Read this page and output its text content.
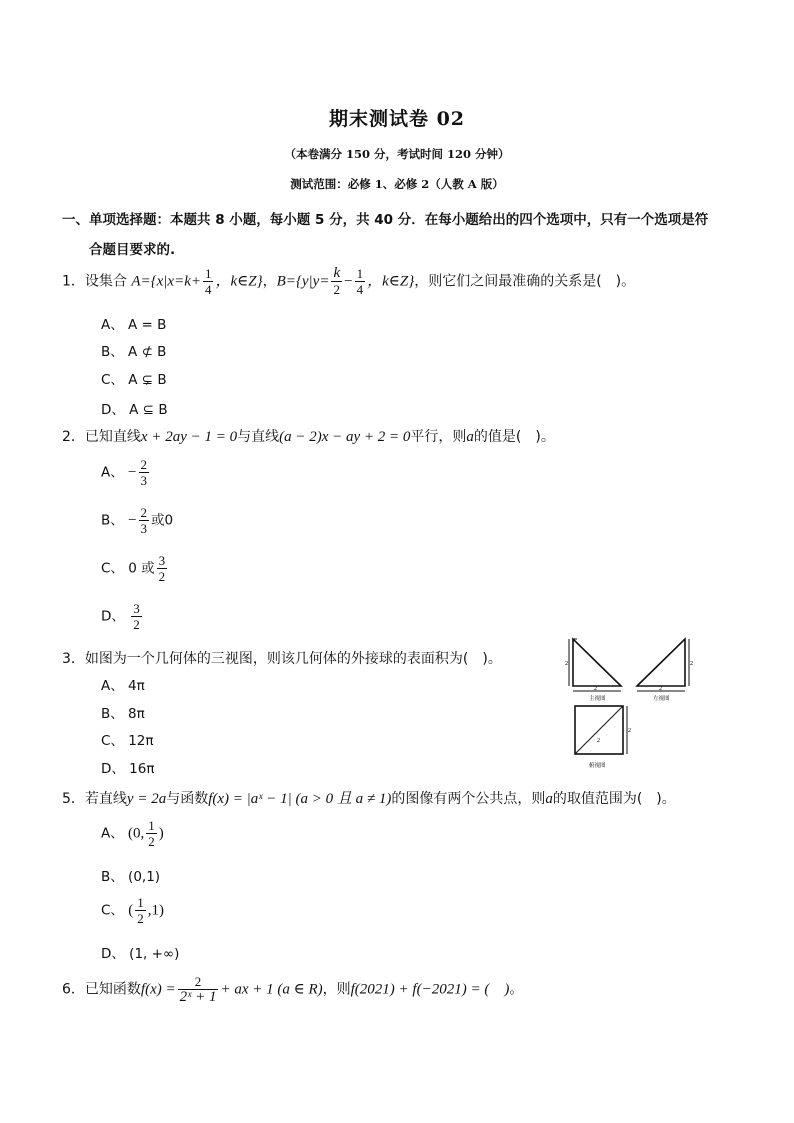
期末测试卷 02
（本卷满分 150 分，考试时间 120 分钟）
测试范围：必修 1、必修 2（人教 A 版）
一、单项选择题：本题共 8 小题，每小题 5 分，共 40 分．在每小题给出的四个选项中，只有一个选项是符
合题目要求的.
1．设集合 $A=\{x|x=k+ \frac{1}{4}$ ，k∈Z}，$B=\{y|y= \frac{k}{2} - \frac{1}{4}$ ，k∈Z}，则它们之间最准确的关系是(　)。
A、 A = B
B、 A ⊄ B
C、 A ⊊ B
D、 A ⊆ B
2．已知直线x + 2ay − 1 = 0与直线(a − 2)x − ay + 2 = 0平行，则a的值是(　)。
A、 − $\frac{2}{3}$
B、 − $\frac{2}{3}$ 或0
C、 0 或 $\frac{3}{2}$
D、 $\frac{3}{2}$
3．如图为一个几何体的三视图，则该几何体的外接球的表面积为(　)。
A、 4π
B、 8π
C、 12π
D、 16π
2
2
主视图
2
2
左视图
2
2
俯视图
5．若直线y = 2a与函数f(x) = |aˣ − 1| (a > 0 且 a ≠ 1)的图像有两个公共点，则a的取值范围为(　)。
A、 (0, $\frac{1}{2}$ )
B、 (0,1)
C、 ( $\frac{1}{2} ,1$)
D、 (1, +∞)
6．已知函数$f(x) = \frac{2}{\text{2ˣ + 1}}$ + ax + 1 (a ∈ R)，则f(2021) + f(−2021) = (　)。
